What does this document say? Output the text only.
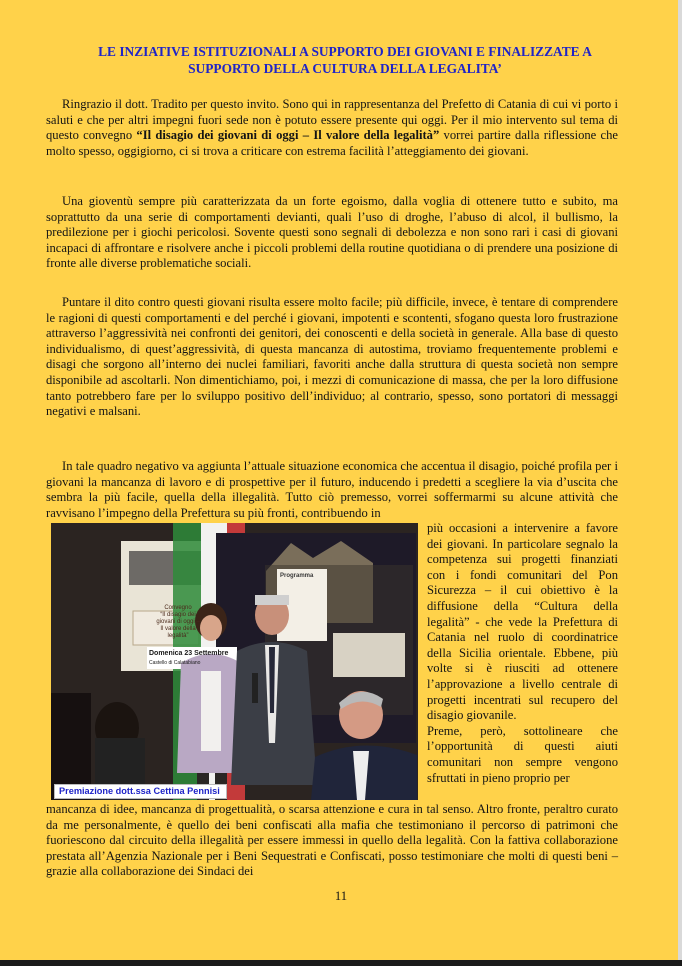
LE INZIATIVE ISTITUZIONALI A SUPPORTO DEI GIOVANI E FINALIZZATE A SUPPORTO DELLA CULTURA DELLA LEGALITA’

Ringrazio il dott. Tradito per questo invito. Sono qui in rappresentanza del Prefetto di Catania di cui vi porto i saluti e che per altri impegni fuori sede non è potuto essere presente qui oggi. Per il mio intervento sul tema di questo convegno “Il disagio dei giovani di oggi – Il valore della legalità” vorrei partire dalla riflessione che molto spesso, oggigiorno, ci si trova a criticare con estrema facilità l’atteggiamento dei giovani.

Una gioventù sempre più caratterizzata da un forte egoismo, dalla voglia di ottenere tutto e subito, ma soprattutto da una serie di comportamenti devianti, quali l’uso di droghe, l’abuso di alcol, il bullismo, la predilezione per i giochi pericolosi. Sovente questi sono segnali di debolezza e non sono rari i casi di giovani incapaci di affrontare e risolvere anche i piccoli problemi della routine quotidiana o di prendere una posizione di fronte alle diverse problematiche sociali.

Puntare il dito contro questi giovani risulta essere molto facile; più difficile, invece, è tentare di comprendere le ragioni di questi comportamenti e del perché i giovani, impotenti e scontenti, sfogano questa loro frustrazione attraverso l’aggressività nei confronti dei genitori, dei conoscenti e della società in generale. Alla base di questo individualismo, di quest’aggressività, di questa mancanza di autostima, troviamo frequentemente problemi e disagi che sorgono all’interno dei nuclei familiari, favoriti anche dalla struttura di questa società non sempre disponibile ad ascoltarli. Non dimentichiamo, poi, i mezzi di comunicazione di massa, che per la loro diffusione tanto potrebbero fare per lo sviluppo positivo dell’individuo; al contrario, spesso, sono portatori di messaggi negativi e malsani.

In tale quadro negativo va aggiunta l’attuale situazione economica che accentua il disagio, poiché profila per i giovani la mancanza di lavoro e di prospettive per il futuro, inducendo i predetti a scegliere la via d’uscita che sembra la più facile, quella della illegalità. Tutto ciò premesso, vorrei soffermarmi su alcune attività che ravvisano l’impegno della Prefettura su più fronti, contribuendo in

Convegno
“Il disagio dei giovani di oggi –
Il valore della legalità”
Domenica 23 Settembre
Castello di Calatabiano
Programma
Premiazione dott.ssa Cettina Pennisi

più occasioni a intervenire a favore dei giovani. In particolare segnalo la competenza sui progetti finanziati con i fondi comunitari del Pon Sicurezza – il cui obiettivo è la diffusione della “Cultura della legalità” - che vede la Prefettura di Catania nel ruolo di coordinatrice della Sicilia orientale. Ebbene, più volte si è riusciti ad ottenere l’approvazione a livello centrale di progetti incentrati sul recupero del disagio giovanile.
Preme, però, sottolineare che l’opportunità di questi aiuti comunitari non sempre vengono sfruttati in pieno proprio per

mancanza di idee, mancanza di progettualità, o scarsa attenzione e cura in tal senso. Altro fronte, peraltro curato da me personalmente, è quello dei beni confiscati alla mafia che testimoniano il percorso di patrimoni che fuoriescono dal circuito della illegalità per essere immessi in quello della legalità. Con la fattiva collaborazione prestata all’Agenzia Nazionale per i Beni Sequestrati e Confiscati, posso testimoniare che molti di questi beni – grazie alla collaborazione dei Sindaci dei

11
